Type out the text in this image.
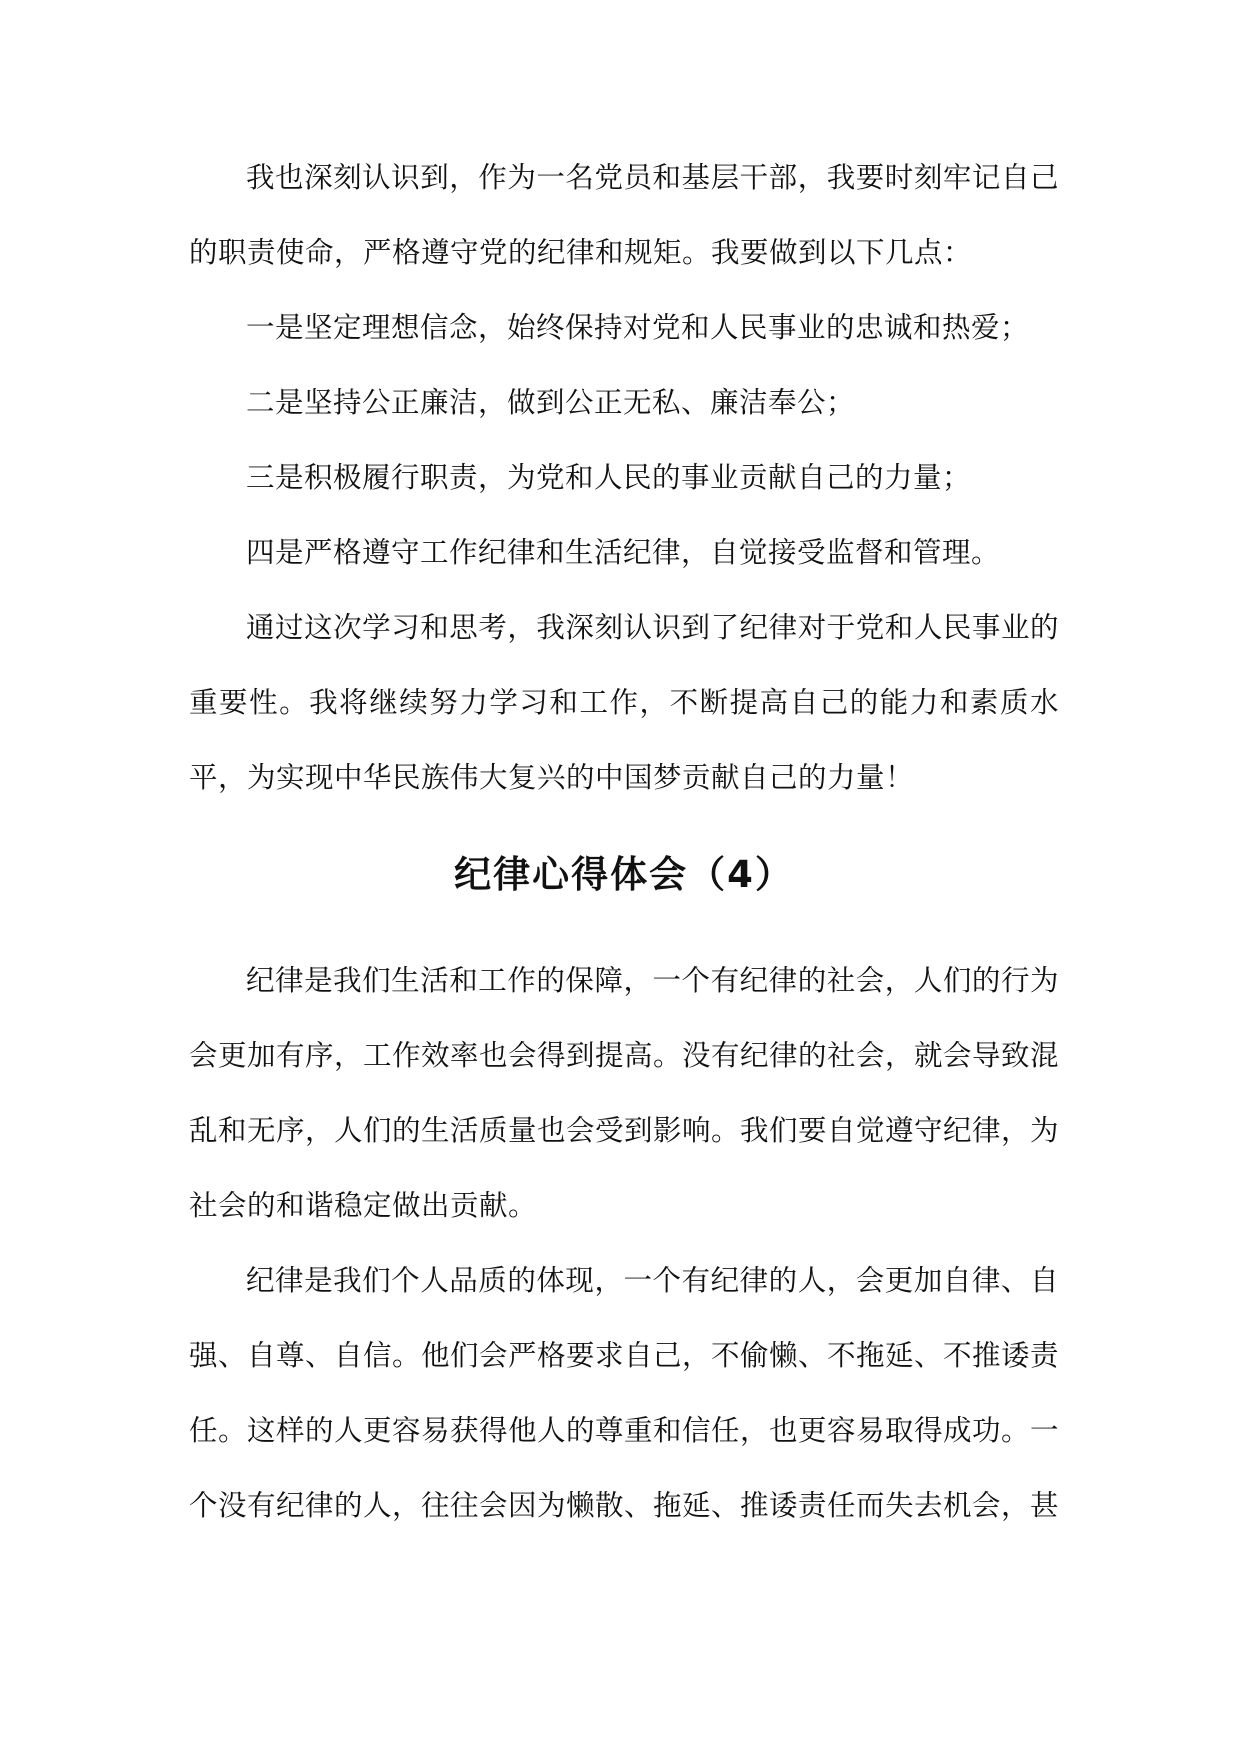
我也深刻认识到，作为一名党员和基层干部，我要时刻牢记自己的职责使命，严格遵守党的纪律和规矩。我要做到以下几点：

一是坚定理想信念，始终保持对党和人民事业的忠诚和热爱；

二是坚持公正廉洁，做到公正无私、廉洁奉公；

三是积极履行职责，为党和人民的事业贡献自己的力量；

四是严格遵守工作纪律和生活纪律，自觉接受监督和管理。

通过这次学习和思考，我深刻认识到了纪律对于党和人民事业的重要性。我将继续努力学习和工作，不断提高自己的能力和素质水平，为实现中华民族伟大复兴的中国梦贡献自己的力量！

纪律心得体会（4）

纪律是我们生活和工作的保障，一个有纪律的社会，人们的行为会更加有序，工作效率也会得到提高。没有纪律的社会，就会导致混乱和无序，人们的生活质量也会受到影响。我们要自觉遵守纪律，为社会的和谐稳定做出贡献。

纪律是我们个人品质的体现，一个有纪律的人，会更加自律、自强、自尊、自信。他们会严格要求自己，不偷懒、不拖延、不推诿责任。这样的人更容易获得他人的尊重和信任，也更容易取得成功。一个没有纪律的人，往往会因为懒散、拖延、推诿责任而失去机会，甚
